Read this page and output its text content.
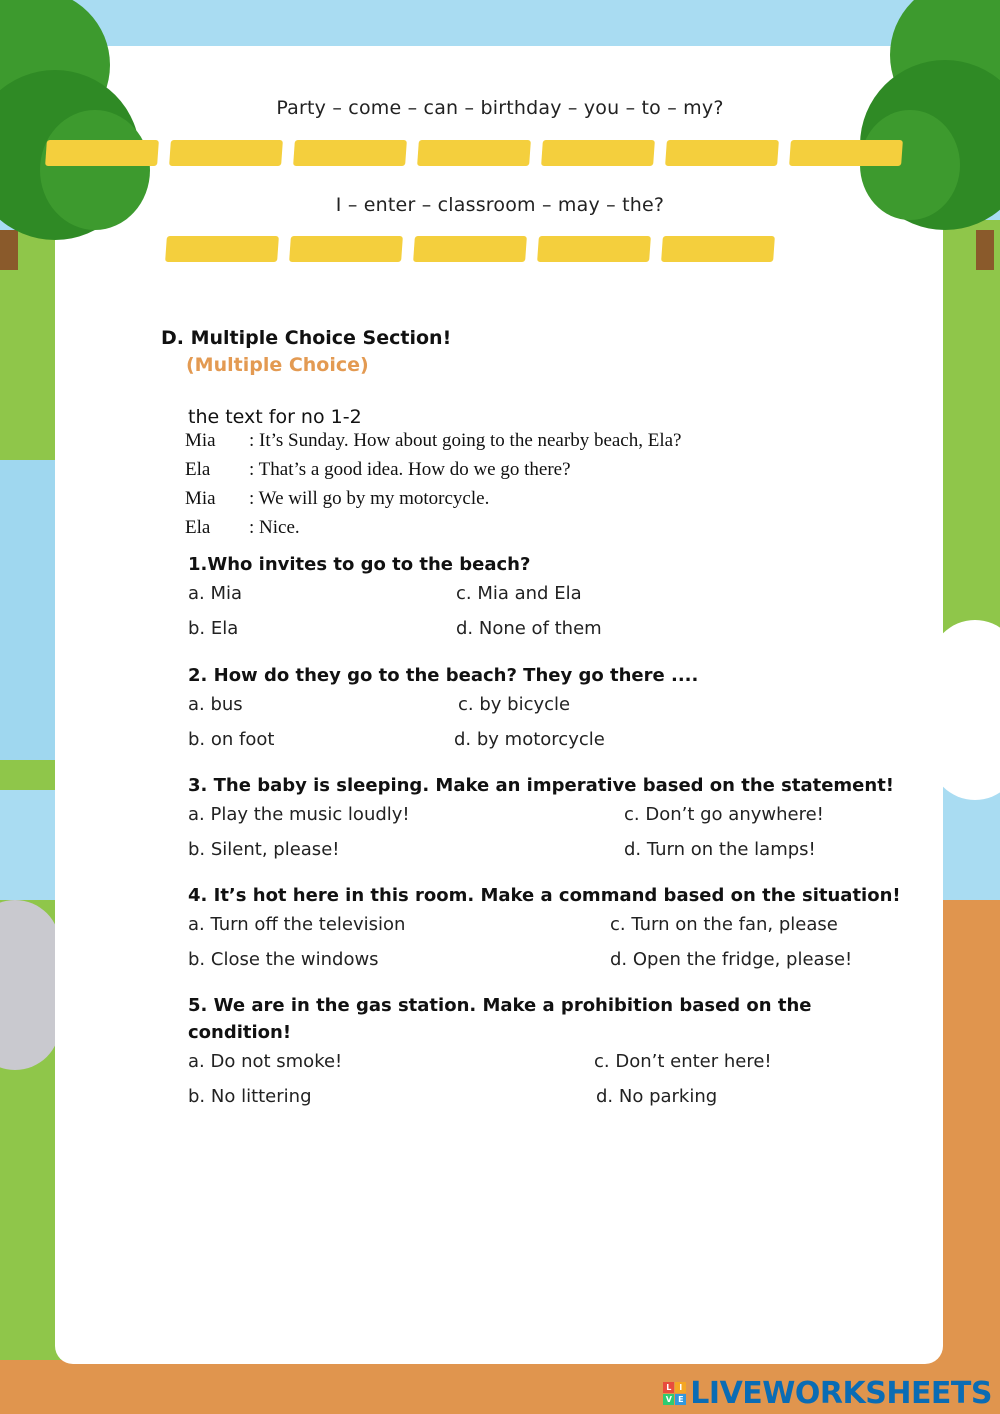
Party – come – can – birthday – you – to – my?
I – enter – classroom – may – the?
D. Multiple Choice Section!
(Multiple Choice)
the text for no 1-2
Mia	: It’s Sunday. How about going to the nearby beach, Ela?
Ela	: That’s a good idea. How do we go there?
Mia	: We will go by my motorcycle.
Ela	: Nice.
1.Who invites to go to the beach?
a. Mia	c. Mia and Ela
b. Ela	d. None of them
2. How do they go to the beach? They go there ....
a. bus	c. by bicycle
b. on foot	d. by motorcycle
3. The baby is sleeping. Make an imperative based on the statement!
a. Play the music loudly!	c. Don’t go anywhere!
b. Silent, please!	d. Turn on the lamps!
4. It’s hot here in this room. Make a command based on the situation!
a. Turn off the television	c. Turn on the fan, please
b. Close the windows	d. Open the fridge, please!
5. We are in the gas station. Make a prohibition based on the
condition!
a. Do not smoke!	c. Don’t enter here!
b. No littering	d. No parking
L I
V E LIVEWORKSHEETS
